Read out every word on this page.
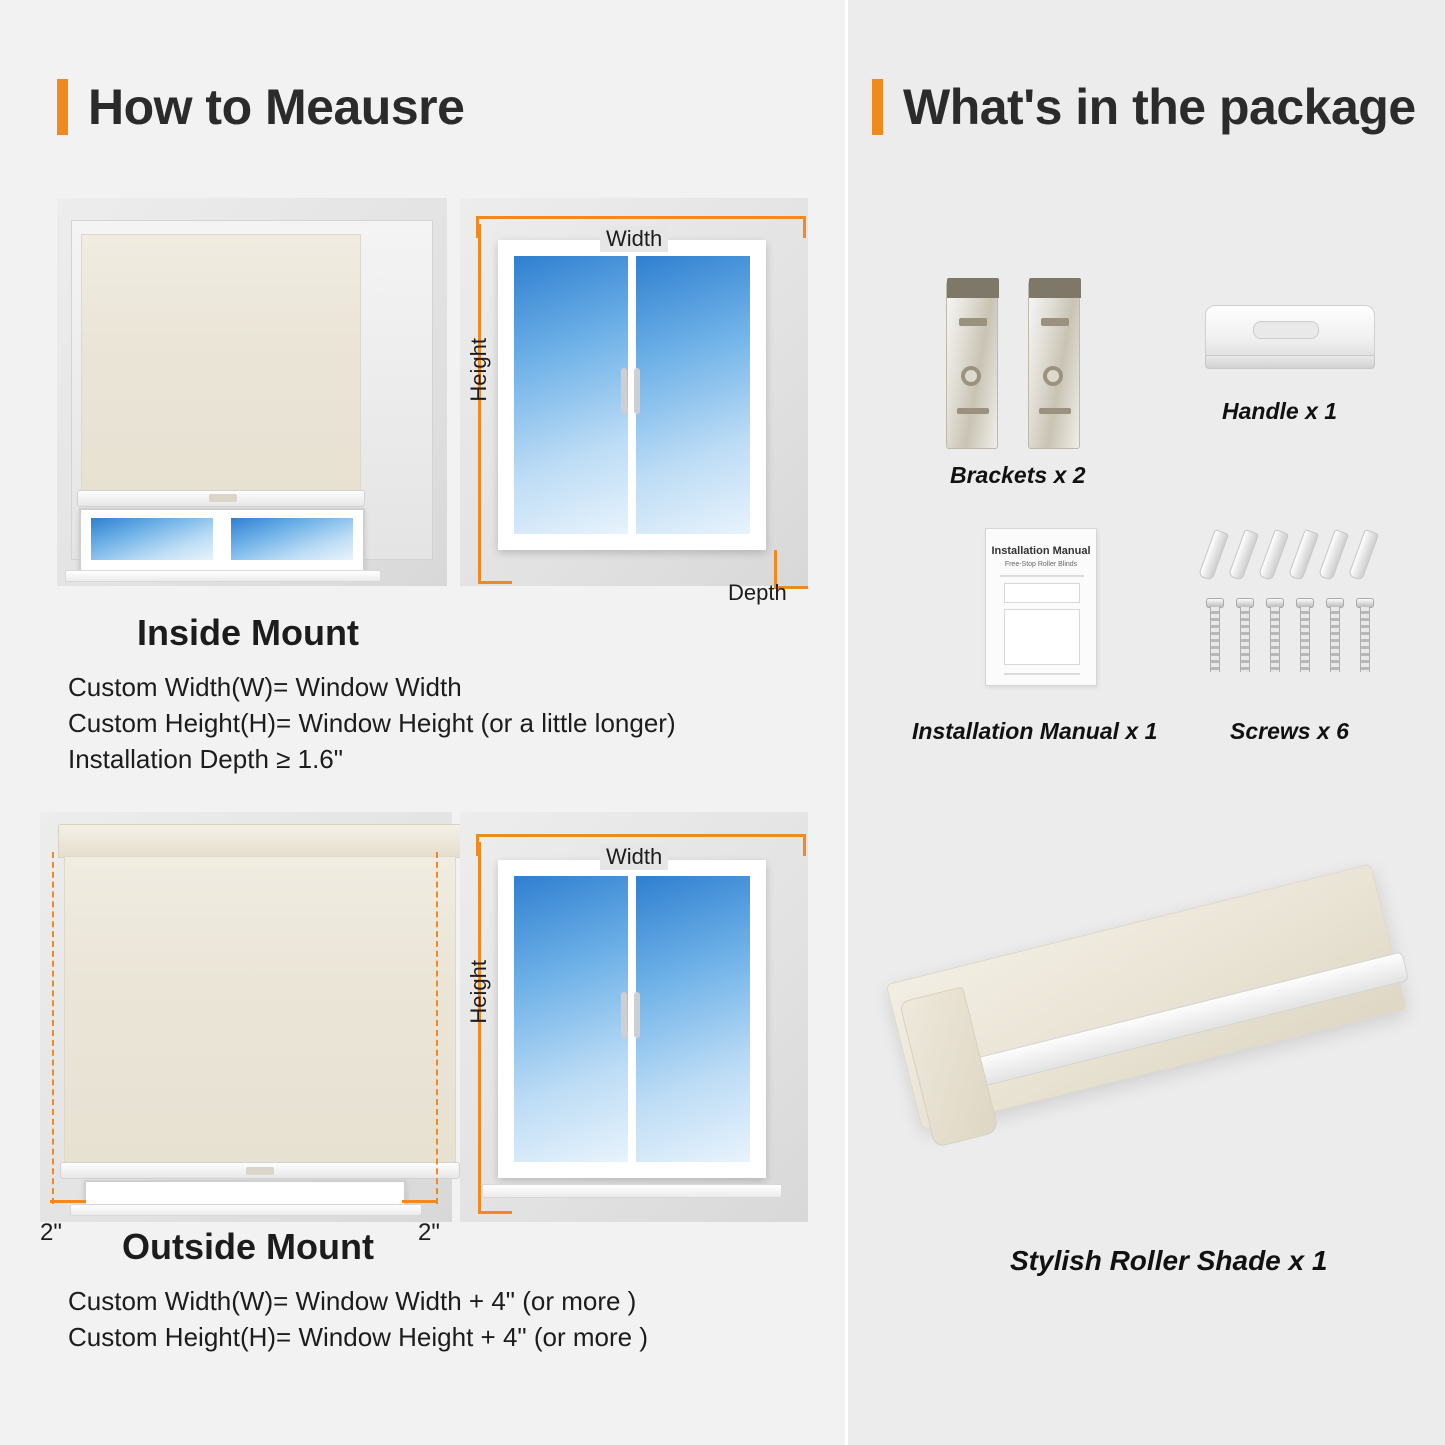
How to Meausre	What's in the package
Width
Height
Depth
Inside Mount
Custom Width(W)= Window Width
Custom Height(H)= Window Height (or a little longer)
Installation Depth ≥ 1.6"
2"	2"
Width
Height
Outside Mount
Custom Width(W)= Window Width + 4" (or more )
Custom Height(H)= Window Height + 4" (or more )
Brackets x 2
Handle x 1
Installation Manual
Free-Stop Roller Blinds
Installation Manual x 1	Screws x 6
Stylish Roller Shade x 1
